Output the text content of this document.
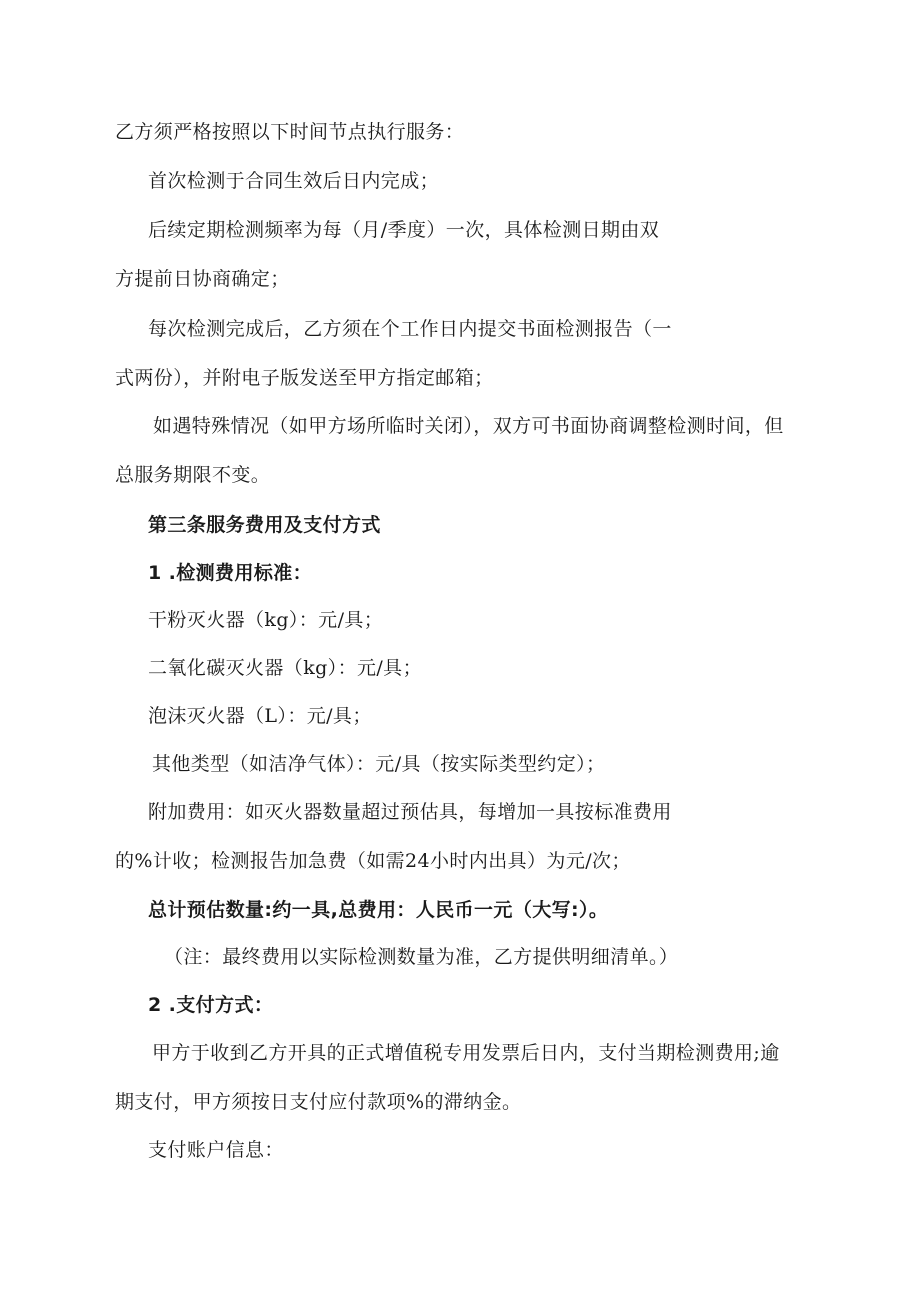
乙方须严格按照以下时间节点执行服务：
首次检测于合同生效后日内完成；
后续定期检测频率为每（月/季度）一次，具体检测日期由双
方提前日协商确定；
每次检测完成后，乙方须在个工作日内提交书面检测报告（一
式两份），并附电子版发送至甲方指定邮箱；
如遇特殊情况（如甲方场所临时关闭），双方可书面协商调整检测时间，但
总服务期限不变。
第三条服务费用及支付方式
1 .检测费用标准：
干粉灭火器（kg）：元/具；
二氧化碳灭火器（kg）：元/具；
泡沫灭火器（L）：元/具；
其他类型（如洁净气体）：元/具（按实际类型约定）；
附加费用：如灭火器数量超过预估具，每增加一具按标准费用
的%计收；检测报告加急费（如需24小时内出具）为元/次；
总计预估数量:约一具,总费用：人民币一元（大写:）。
（注：最终费用以实际检测数量为准，乙方提供明细清单。）
2 .支付方式：
甲方于收到乙方开具的正式增值税专用发票后日内，支付当期检测费用;逾
期支付，甲方须按日支付应付款项%的滞纳金。
支付账户信息：
